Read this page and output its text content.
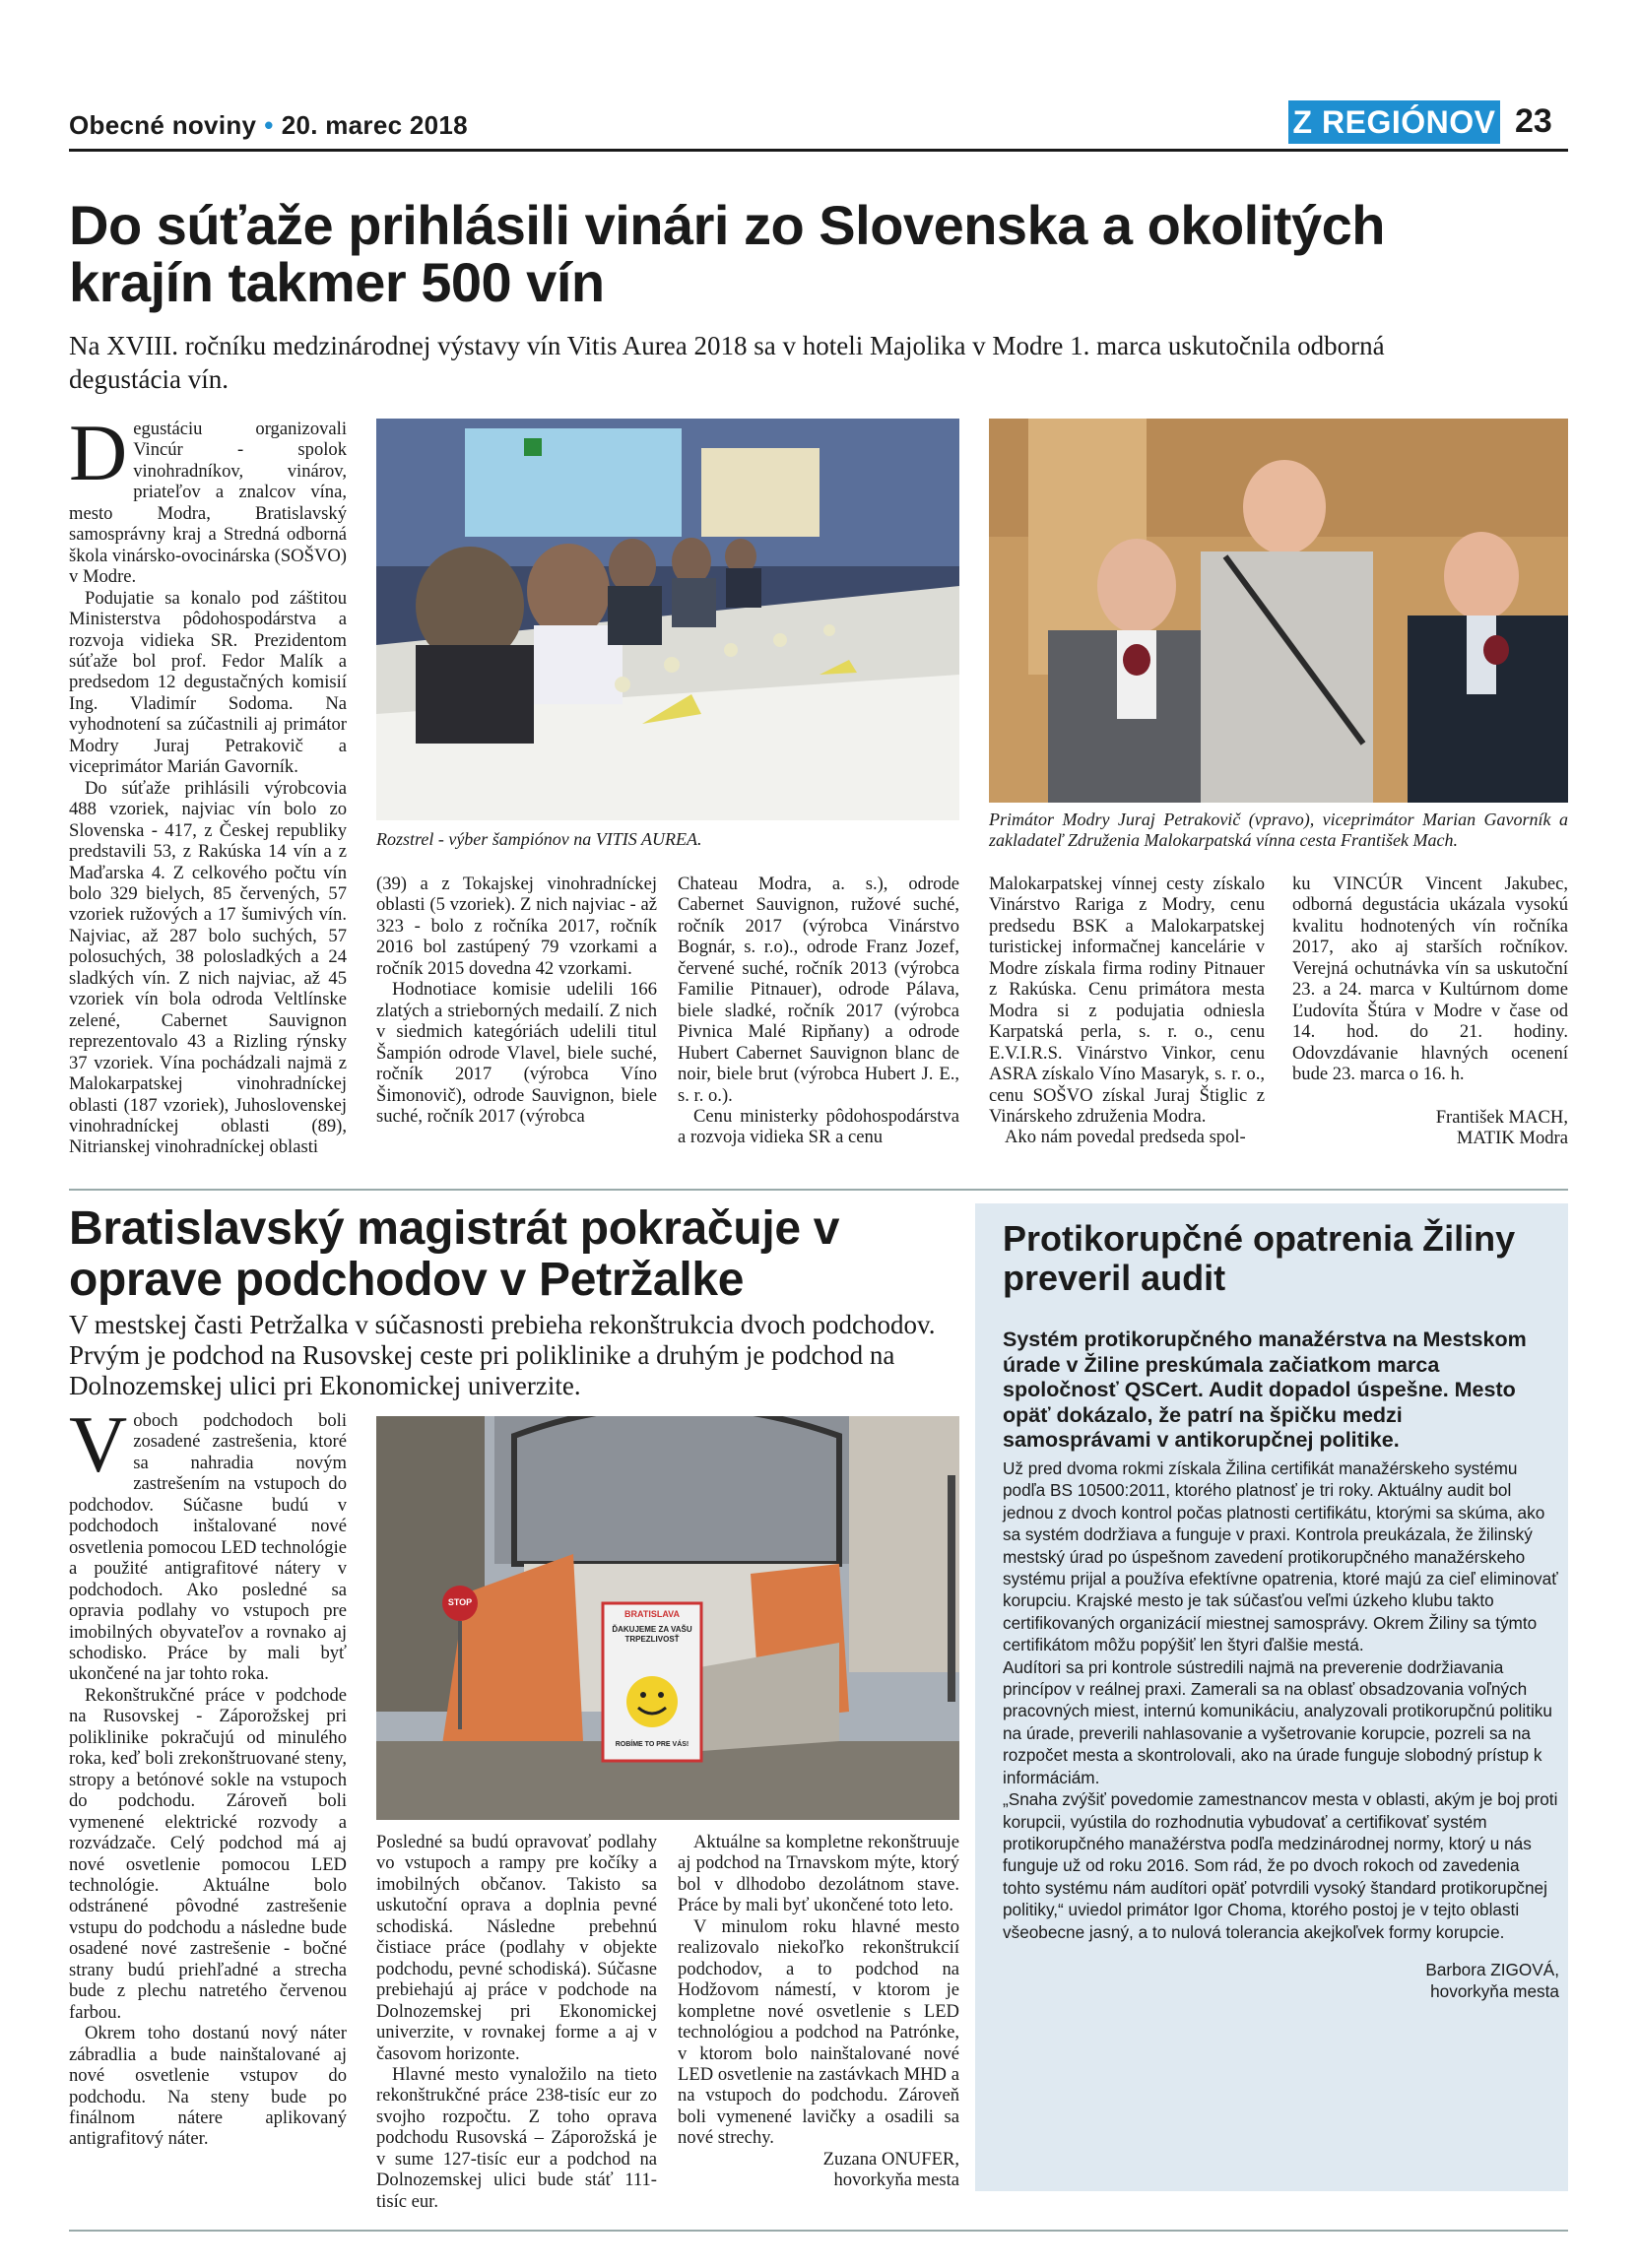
Obecné noviny • 20. marec 2018	Z REGIÓNOV 23
Do súťaže prihlásili vinári zo Slovenska a okolitých krajín takmer 500 vín
Na XVIII. ročníku medzinárodnej výstavy vín Vitis Aurea 2018 sa v hoteli Majolika v Modre 1. marca uskutočnila odborná degustácia vín.

Degustáciu organizovali Vincúr - spolok vinohradníkov, vinárov, priateľov a znalcov vína, mesto Modra, Bratislavský samosprávny kraj a Stredná odborná škola vinársko-ovocinárska (SOŠVO) v Modre.

Podujatie sa konalo pod záštitou Ministerstva pôdohospodárstva a rozvoja vidieka SR. Prezidentom súťaže bol prof. Fedor Malík a predsedom 12 degustačných komisií Ing. Vladimír Sodoma. Na vyhodnotení sa zúčastnili aj primátor Modry Juraj Petrakovič a viceprimátor Marián Gavorník.

Do súťaže prihlásili výrobcovia 488 vzoriek, najviac vín bolo zo Slovenska - 417, z Českej republiky predstavili 53, z Rakúska 14 vín a z Maďarska 4. Z celkového počtu vín bolo 329 bielych, 85 červených, 57 vzoriek ružových a 17 šumivých vín. Najviac, až 287 bolo suchých, 57 polosuchých, 38 polosladkých a 24 sladkých vín. Z nich najviac, až 45 vzoriek vín bola odroda Veltlínske zelené, Cabernet Sauvignon reprezentovalo 43 a Rizling rýnsky 37 vzoriek. Vína pochádzali najmä z Malokarpatskej vinohradníckej oblasti (187 vzoriek), Juhoslovenskej vinohradníckej oblasti (89), Nitrianskej vinohradníckej oblasti

Rozstrel - výber šampiónov na VITIS AUREA.
Primátor Modry Juraj Petrakovič (vpravo), viceprimátor Marian Gavorník a zakladateľ Združenia Malokarpatská vínna cesta František Mach.

(39) a z Tokajskej vinohradníckej oblasti (5 vzoriek). Z nich najviac - až 323 - bolo z ročníka 2017, ročník 2016 bol zastúpený 79 vzorkami a ročník 2015 dovedna 42 vzorkami.

Hodnotiace komisie udelili 166 zlatých a strieborných medailí. Z nich v siedmich kategóriách udelili titul Šampión odrode Vlavel, biele suché, ročník 2017 (výrobca Víno Šimonovič), odrode Sauvignon, biele suché, ročník 2017 (výrobca

Chateau Modra, a. s.), odrode Cabernet Sauvignon, ružové suché, ročník 2017 (výrobca Vinárstvo Bognár, s. r.o)., odrode Franz Jozef, červené suché, ročník 2013 (výrobca Familie Pitnauer), odrode Pálava, biele sladké, ročník 2017 (výrobca Pivnica Malé Ripňany) a odrode Hubert Cabernet Sauvignon blanc de noir, biele brut (výrobca Hubert J. E., s. r. o.).

Cenu ministerky pôdohospodárstva a rozvoja vidieka SR a cenu

Malokarpatskej vínnej cesty získalo Vinárstvo Rariga z Modry, cenu predsedu BSK a Malokarpatskej turistickej informačnej kancelárie v Modre získala firma rodiny Pitnauer z Rakúska. Cenu primátora mesta Modra si z podujatia odniesla Karpatská perla, s. r. o., cenu E.V.I.R.S. Vinárstvo Vinkor, cenu ASRA získalo Víno Masaryk, s. r. o., cenu SOŠVO získal Juraj Štiglic z Vinárskeho združenia Modra.

Ako nám povedal predseda spol-

ku VINCÚR Vincent Jakubec, odborná degustácia ukázala vysokú kvalitu hodnotených vín ročníka 2017, ako aj starších ročníkov. Verejná ochutnávka vín sa uskutoční 23. a 24. marca v Kultúrnom dome Ľudovíta Štúra v Modre v čase od 14. hod. do 21. hodiny. Odovzdávanie hlavných ocenení bude 23. marca o 16. h.

František MACH,

MATIK Modra

Bratislavský magistrát pokračuje v oprave podchodov v Petržalke
V mestskej časti Petržalka v súčasnosti prebieha rekonštrukcia dvoch podchodov. Prvým je podchod na Rusovskej ceste pri poliklinike a druhým je podchod na Dolnozemskej ulici pri Ekonomickej univerzite.

Voboch podchodoch boli zosadené zastrešenia, ktoré sa nahradia novým zastrešením na vstupoch do podchodov. Súčasne budú v podchodoch inštalované nové osvetlenia pomocou LED technológie a použité antigrafitové nátery v podchodoch. Ako posledné sa opravia podlahy vo vstupoch pre imobilných obyvateľov a rovnako aj schodisko. Práce by mali byť ukončené na jar tohto roka.

Rekonštrukčné práce v podchode na Rusovskej - Záporožskej pri poliklinike pokračujú od minulého roka, keď boli zrekonštruované steny, stropy a betónové sokle na vstupoch do podchodu. Zároveň boli vymenené elektrické rozvody a rozvádzače. Celý podchod má aj nové osvetlenie pomocou LED technológie. Aktuálne bolo odstránené pôvodné zastrešenie vstupu do podchodu a následne bude osadené nové zastrešenie - bočné strany budú priehľadné a strecha bude z plechu natretého červenou farbou.

Okrem toho dostanú nový náter zábradlia a bude nainštalované aj nové osvetlenie vstupov do podchodu. Na steny bude po finálnom nátere aplikovaný antigrafitový náter.

BRATISLAVA
ĎAKUJEME ZA VAŠU TRPEZLIVOSŤ
ROBÍME TO PRE VÁS!
STOP

Posledné sa budú opravovať podlahy vo vstupoch a rampy pre kočíky a imobilných občanov. Takisto sa uskutoční oprava a doplnia pevné schodiská. Následne prebehnú čistiace práce (podlahy v objekte podchodu, pevné schodiská). Súčasne prebiehajú aj práce v podchode na Dolnozemskej pri Ekonomickej univerzite, v rovnakej forme a aj v časovom horizonte.

Hlavné mesto vynaložilo na tieto rekonštrukčné práce 238-tisíc eur zo svojho rozpočtu. Z toho oprava podchodu Rusovská – Záporožská je v sume 127-tisíc eur a podchod na Dolnozemskej ulici bude stáť 111-tisíc eur.

Aktuálne sa kompletne rekonštruuje aj podchod na Trnavskom mýte, ktorý bol v dlhodobo dezolátnom stave. Práce by mali byť ukončené toto leto.

V minulom roku hlavné mesto realizovalo niekoľko rekonštrukcií podchodov, a to podchod na Hodžovom námestí, v ktorom je kompletne nové osvetlenie s LED technológiou a podchod na Patrónke, v ktorom bolo nainštalované nové LED osvetlenie na zastávkach MHD a na vstupoch do podchodu. Zároveň boli vymenené lavičky a osadili sa nové strechy.

Zuzana ONUFER,

hovorkyňa mesta

Protikorupčné opatrenia Žiliny preveril audit
Systém protikorupčného manažérstva na Mestskom úrade v Žiline preskúmala začiatkom marca spoločnosť QSCert. Audit dopadol úspešne. Mesto opäť dokázalo, že patrí na špičku medzi samosprávami v antikorupčnej politike.

Už pred dvoma rokmi získala Žilina certifikát manažérskeho systému podľa BS 10500:2011, ktorého platnosť je tri roky. Aktuálny audit bol jednou z dvoch kontrol počas platnosti certifikátu, ktorými sa skúma, ako sa systém dodržiava a funguje v praxi. Kontrola preukázala, že žilinský mestský úrad po úspešnom zavedení protikorupčného manažérskeho systému prijal a používa efektívne opatrenia, ktoré majú za cieľ eliminovať korupciu. Krajské mesto je tak súčasťou veľmi úzkeho klubu takto certifikovaných organizácií miestnej samosprávy. Okrem Žiliny sa týmto certifikátom môžu popýšiť len štyri ďalšie mestá.

Audítori sa pri kontrole sústredili najmä na preverenie dodržiavania princípov v reálnej praxi. Zamerali sa na oblasť obsadzovania voľných pracovných miest, internú komunikáciu, analyzovali protikorupčnú politiku na úrade, preverili nahlasovanie a vyšetrovanie korupcie, pozreli sa na rozpočet mesta a skontrolovali, ako na úrade funguje slobodný prístup k informáciám.

„Snaha zvýšiť povedomie zamestnancov mesta v oblasti, akým je boj proti korupcii, vyústila do rozhodnutia vybudovať a certifikovať systém protikorupčného manažérstva podľa medzinárodnej normy, ktorý u nás funguje už od roku 2016. Som rád, že po dvoch rokoch od zavedenia tohto systému nám audítori opäť potvrdili vysoký štandard protikorupčnej politiky,“ uviedol primátor Igor Choma, ktorého postoj je v tejto oblasti všeobecne jasný, a to nulová tolerancia akejkoľvek formy korupcie.

Barbora ZIGOVÁ,

hovorkyňa mesta
